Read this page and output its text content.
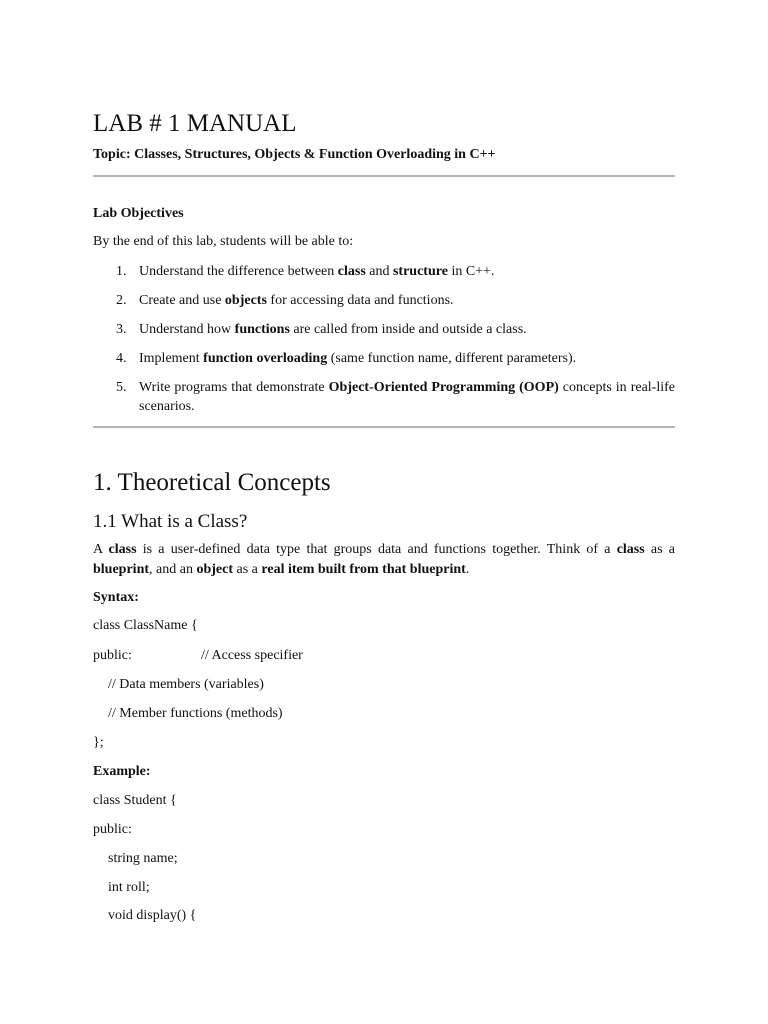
LAB # 1 MANUAL
Topic: Classes, Structures, Objects & Function Overloading in C++
Lab Objectives
By the end of this lab, students will be able to:
1. Understand the difference between class and structure in C++.
2. Create and use objects for accessing data and functions.
3. Understand how functions are called from inside and outside a class.
4. Implement function overloading (same function name, different parameters).
5. Write programs that demonstrate Object-Oriented Programming (OOP) concepts in real-life scenarios.
1. Theoretical Concepts
1.1 What is a Class?

A class is a user-defined data type that groups data and functions together. Think of a class as a blueprint, and an object as a real item built from that blueprint.

Syntax:
class ClassName {
public:	// Access specifier
// Data members (variables)
// Member functions (methods)
};
Example:
class Student {
public:
string name;
int roll;
void display() {
